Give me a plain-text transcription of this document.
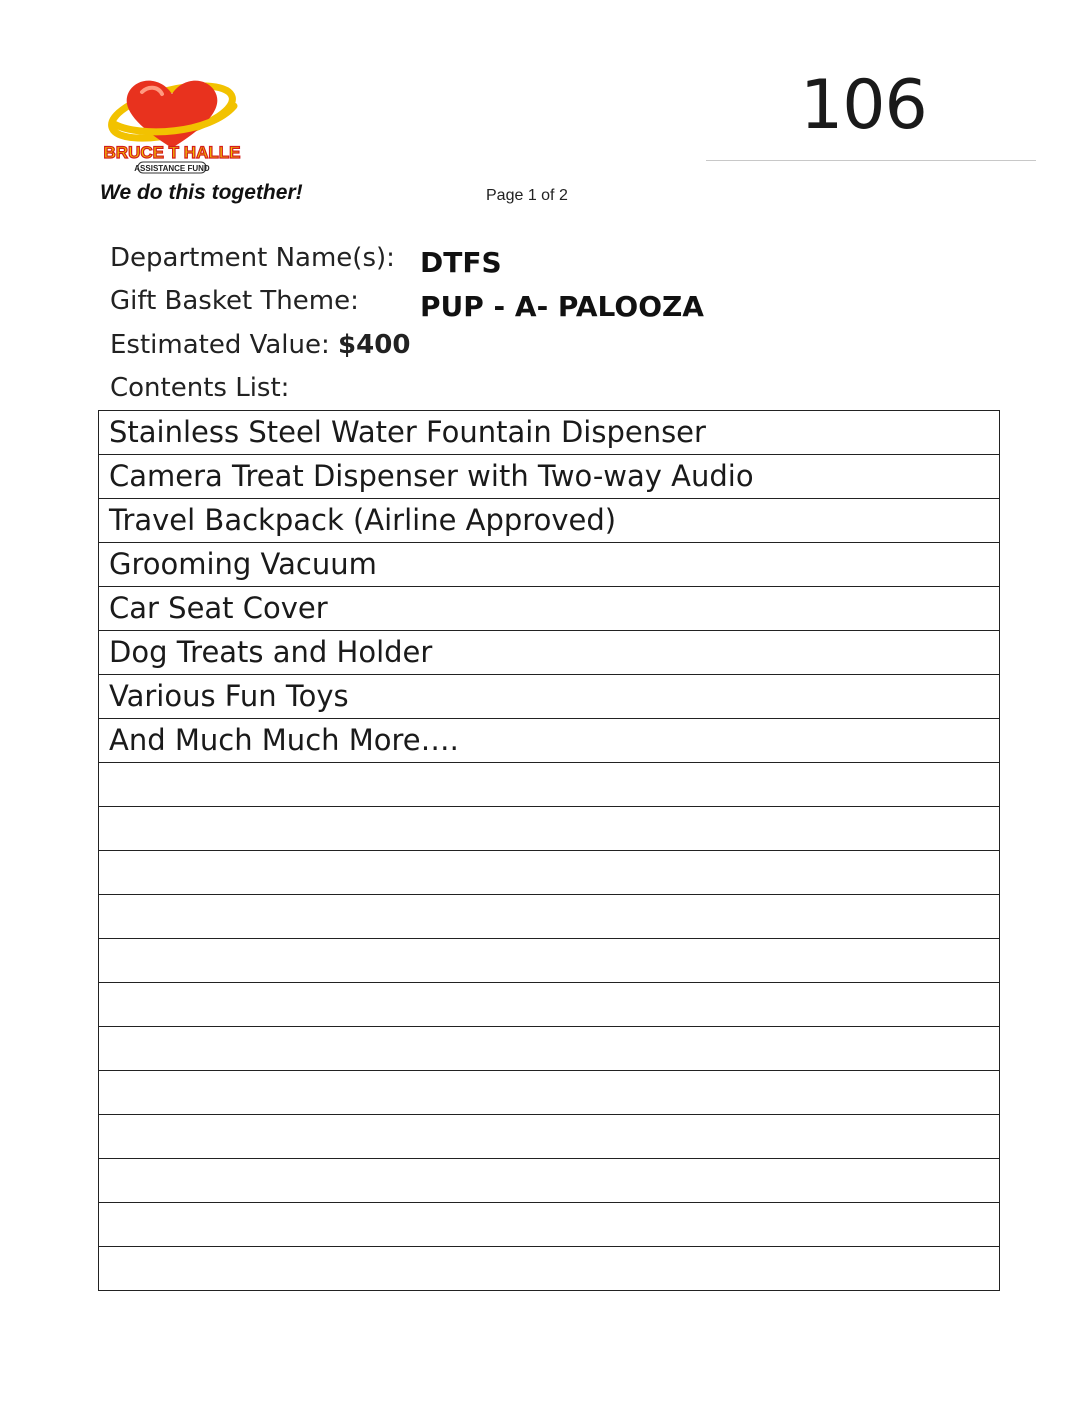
BRUCE T HALLE
ASSISTANCE FUND
We do this together!	Page 1 of 2
106
Department Name(s): DTFS
Gift Basket Theme: PUP - A- PALOOZA
Estimated Value: $400
Contents List:
Stainless Steel Water Fountain Dispenser
Camera Treat Dispenser with Two-way Audio
Travel Backpack (Airline Approved)
Grooming Vacuum
Car Seat Cover
Dog Treats and Holder
Various Fun Toys
And Much Much More….
